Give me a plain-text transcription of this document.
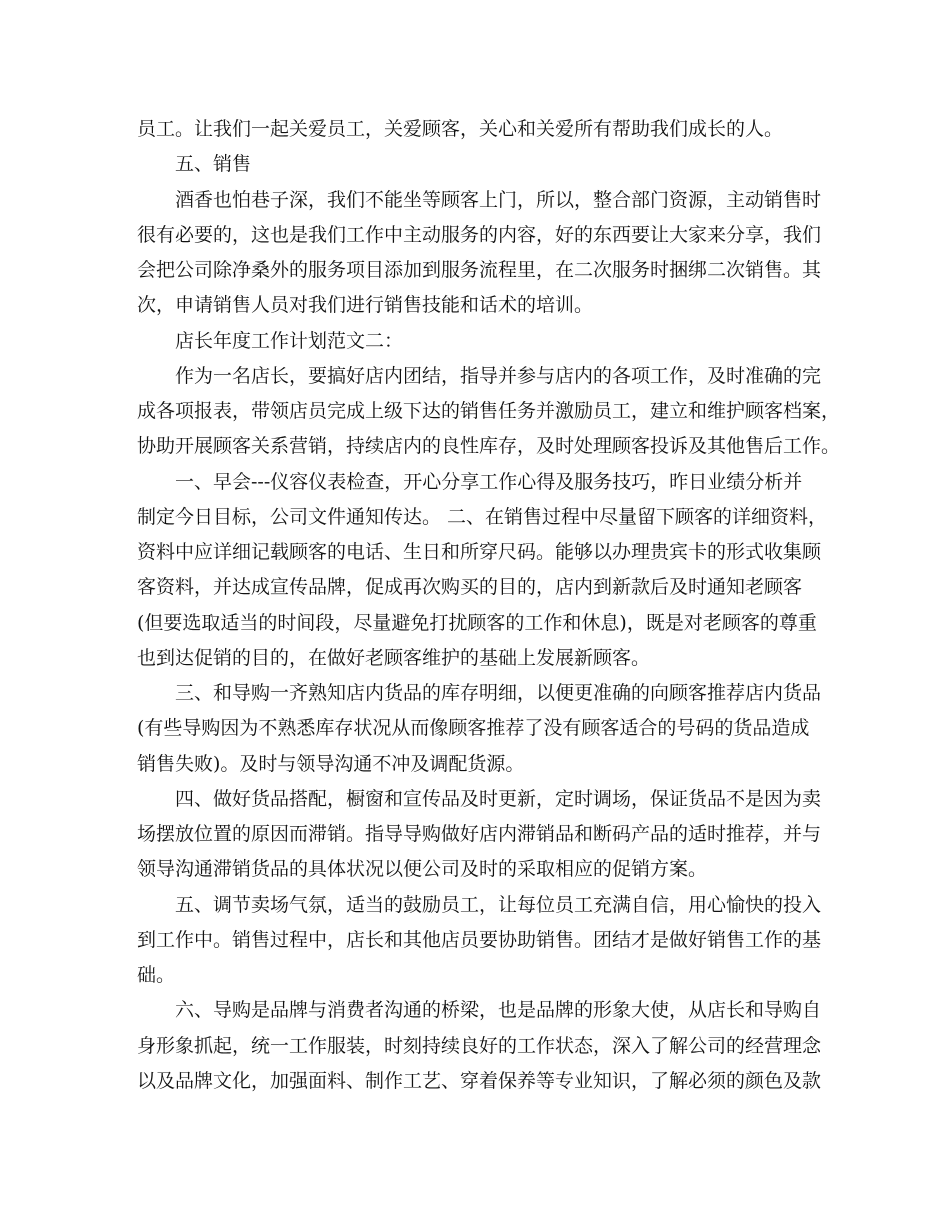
员工。让我们一起关爱员工，关爱顾客，关心和关爱所有帮助我们成长的人。
五、销售
酒香也怕巷子深，我们不能坐等顾客上门，所以，整合部门资源，主动销售时
很有必要的，这也是我们工作中主动服务的内容，好的东西要让大家来分享，我们
会把公司除净桑外的服务项目添加到服务流程里，在二次服务时捆绑二次销售。其
次，申请销售人员对我们进行销售技能和话术的培训。
店长年度工作计划范文二：
作为一名店长，要搞好店内团结，指导并参与店内的各项工作，及时准确的完
成各项报表，带领店员完成上级下达的销售任务并激励员工，建立和维护顾客档案，
协助开展顾客关系营销，持续店内的良性库存，及时处理顾客投诉及其他售后工作。
一、早会---仪容仪表检查，开心分享工作心得及服务技巧，昨日业绩分析并
制定今日目标，公司文件通知传达。 二、在销售过程中尽量留下顾客的详细资料，
资料中应详细记载顾客的电话、生日和所穿尺码。能够以办理贵宾卡的形式收集顾
客资料，并达成宣传品牌，促成再次购买的目的，店内到新款后及时通知老顾客
(但要选取适当的时间段，尽量避免打扰顾客的工作和休息)，既是对老顾客的尊重
也到达促销的目的，在做好老顾客维护的基础上发展新顾客。
三、和导购一齐熟知店内货品的库存明细，以便更准确的向顾客推荐店内货品
(有些导购因为不熟悉库存状况从而像顾客推荐了没有顾客适合的号码的货品造成
销售失败)。及时与领导沟通不冲及调配货源。
四、做好货品搭配，橱窗和宣传品及时更新，定时调场，保证货品不是因为卖
场摆放位置的原因而滞销。指导导购做好店内滞销品和断码产品的适时推荐，并与
领导沟通滞销货品的具体状况以便公司及时的采取相应的促销方案。
五、调节卖场气氛，适当的鼓励员工，让每位员工充满自信，用心愉快的投入
到工作中。销售过程中，店长和其他店员要协助销售。团结才是做好销售工作的基
础。
六、导购是品牌与消费者沟通的桥梁，也是品牌的形象大使，从店长和导购自
身形象抓起，统一工作服装，时刻持续良好的工作状态，深入了解公司的经营理念
以及品牌文化，加强面料、制作工艺、穿着保养等专业知识，了解必须的颜色及款
